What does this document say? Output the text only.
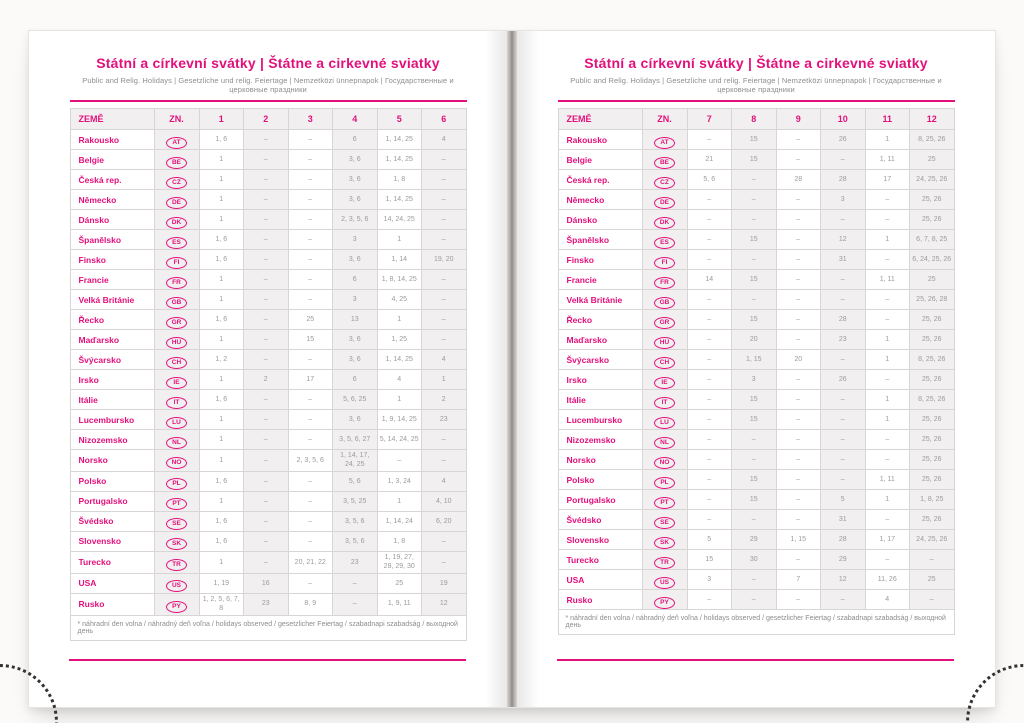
Státní a církevní svátky | Štátne a cirkevné sviatky

Public and Relig. Holidays | Gesetzliche und relig. Feiertage | Nemzetközi ünnepnapok | Государственные и церковные праздники

ZEMĚ	ZN.	1	2	3	4	5	6
Rakousko	AT	1, 6	–	–	6	1, 14, 25	4
Belgie	BE	1	–	–	3, 6	1, 14, 25	–
Česká rep.	CZ	1	–	–	3, 6	1, 8	–
Německo	DE	1	–	–	3, 6	1, 14, 25	–
Dánsko	DK	1	–	–	2, 3, 5, 6	14, 24, 25	–
Španělsko	ES	1, 6	–	–	3	1	–
Finsko	FI	1, 6	–	–	3, 6	1, 14	19, 20
Francie	FR	1	–	–	6	1, 8, 14, 25	–
Velká Británie	GB	1	–	–	3	4, 25	–
Řecko	GR	1, 6	–	25	13	1	–
Maďarsko	HU	1	–	15	3, 6	1, 25	–
Švýcarsko	CH	1, 2	–	–	3, 6	1, 14, 25	4
Irsko	IE	1	2	17	6	4	1
Itálie	IT	1, 6	–	–	5, 6, 25	1	2
Lucembursko	LU	1	–	–	3, 6	1, 9, 14, 25	23
Nizozemsko	NL	1	–	–	3, 5, 6, 27	5, 14, 24, 25	–
Norsko	NO	1	–	2, 3, 5, 6	1, 14, 17, 24, 25	–	–
Polsko	PL	1, 6	–	–	5, 6	1, 3, 24	4
Portugalsko	PT	1	–	–	3, 5, 25	1	4, 10
Švédsko	SE	1, 6	–	–	3, 5, 6	1, 14, 24	6, 20
Slovensko	SK	1, 6	–	–	3, 5, 6	1, 8	–
Turecko	TR	1	–	20, 21, 22	23	1, 19, 27, 28, 29, 30	–
USA	US	1, 19	16	–	–	25	19
Rusko	PY	1, 2, 5, 6, 7, 8	23	8, 9	–	1, 9, 11	12
* náhradní den volna / náhradný deň voľna / holidays observed / gesetzlicher Feiertag / szabadnapi szabadság / выходной день							
Státní a církevní svátky | Štátne a cirkevné sviatky

Public and Relig. Holidays | Gesetzliche und relig. Feiertage | Nemzetközi ünnepnapok | Государственные и церковные праздники

ZEMĚ	ZN.	7	8	9	10	11	12
Rakousko	AT	–	15	–	26	1	8, 25, 26
Belgie	BE	21	15	–	–	1, 11	25
Česká rep.	CZ	5, 6	–	28	28	17	24, 25, 26
Německo	DE	–	–	–	3	–	25, 26
Dánsko	DK	–	–	–	–	–	25, 26
Španělsko	ES	–	15	–	12	1	6, 7, 8, 25
Finsko	FI	–	–	–	31	–	6, 24, 25, 26
Francie	FR	14	15	–	–	1, 11	25
Velká Británie	GB	–	–	–	–	–	25, 26, 28
Řecko	GR	–	15	–	28	–	25, 26
Maďarsko	HU	–	20	–	23	1	25, 26
Švýcarsko	CH	–	1, 15	20	–	1	8, 25, 26
Irsko	IE	–	3	–	26	–	25, 26
Itálie	IT	–	15	–	–	1	8, 25, 26
Lucembursko	LU	–	15	–	–	1	25, 26
Nizozemsko	NL	–	–	–	–	–	25, 26
Norsko	NO	–	–	–	–	–	25, 26
Polsko	PL	–	15	–	–	1, 11	25, 26
Portugalsko	PT	–	15	–	5	1	1, 8, 25
Švédsko	SE	–	–	–	31	–	25, 26
Slovensko	SK	5	29	1, 15	28	1, 17	24, 25, 26
Turecko	TR	15	30	–	29	–	–
USA	US	3	–	7	12	11, 26	25
Rusko	PY	–	–	–	–	4	–
* náhradní den volna / náhradný deň voľna / holidays observed / gesetzlicher Feiertag / szabadnapi szabadság / выходной день							
